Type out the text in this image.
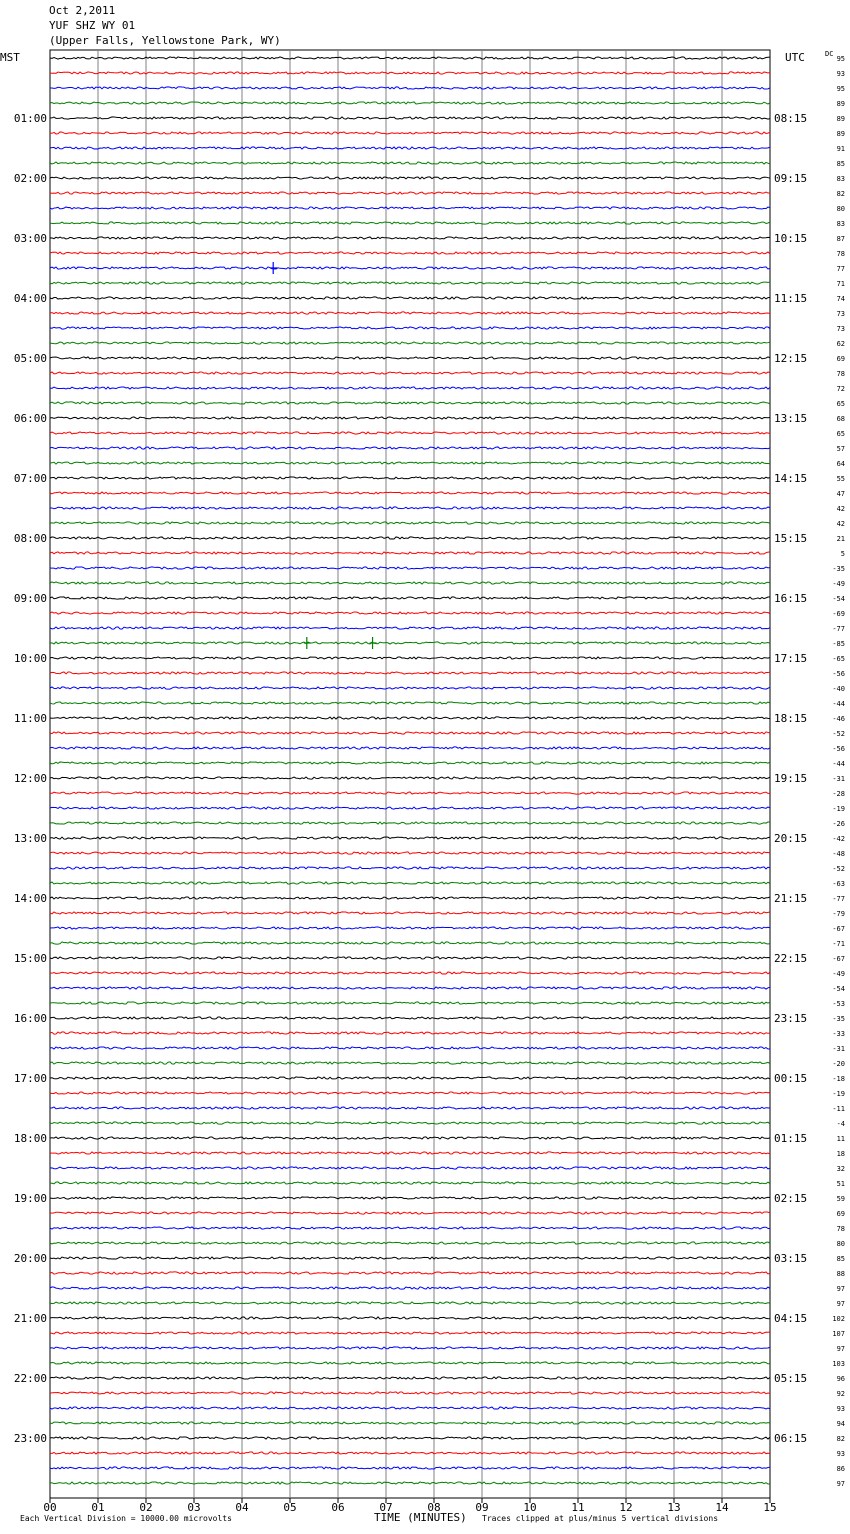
Oct 2,2011
YUF SHZ WY 01
(Upper Falls, Yellowstone Park, WY)
MST	UTC
01:00
02:00
03:00
04:00
05:00
06:00
07:00
08:00
09:00
10:00
11:00
12:00
13:00
14:00
15:00
16:00
17:00
18:00
19:00
20:00
21:00
22:00
23:00
08:15
09:15
10:15
11:15
12:15
13:15
14:15
15:15
16:15
17:15
18:15
19:15
20:15
21:15
22:15
23:15
00:15
01:15
02:15
03:15
04:15
05:15
06:15
DC
95
93
95
89
89
89
91
85
83
82
80
83
87
78
77
71
74
73
73
62
69
78
72
65
68
65
57
64
55
47
42
42
21
5
-35
-49
-54
-69
-77
-85
-65
-56
-40
-44
-46
-52
-56
-44
-31
-28
-19
-26
-42
-48
-52
-63
-77
-79
-67
-71
-67
-49
-54
-53
-35
-33
-31
-20
-18
-19
-11
-4
11
18
32
51
59
69
78
80
85
88
97
97
102
107
97
103
96
92
93
94
82
93
86
97
00	01	02	03	04	05	06	07	08	09	10	11	12	13	14	15
Each Vertical Division = 10000.00 microvolts	TIME (MINUTES) Traces clipped at plus/minus 5 vertical divisions
